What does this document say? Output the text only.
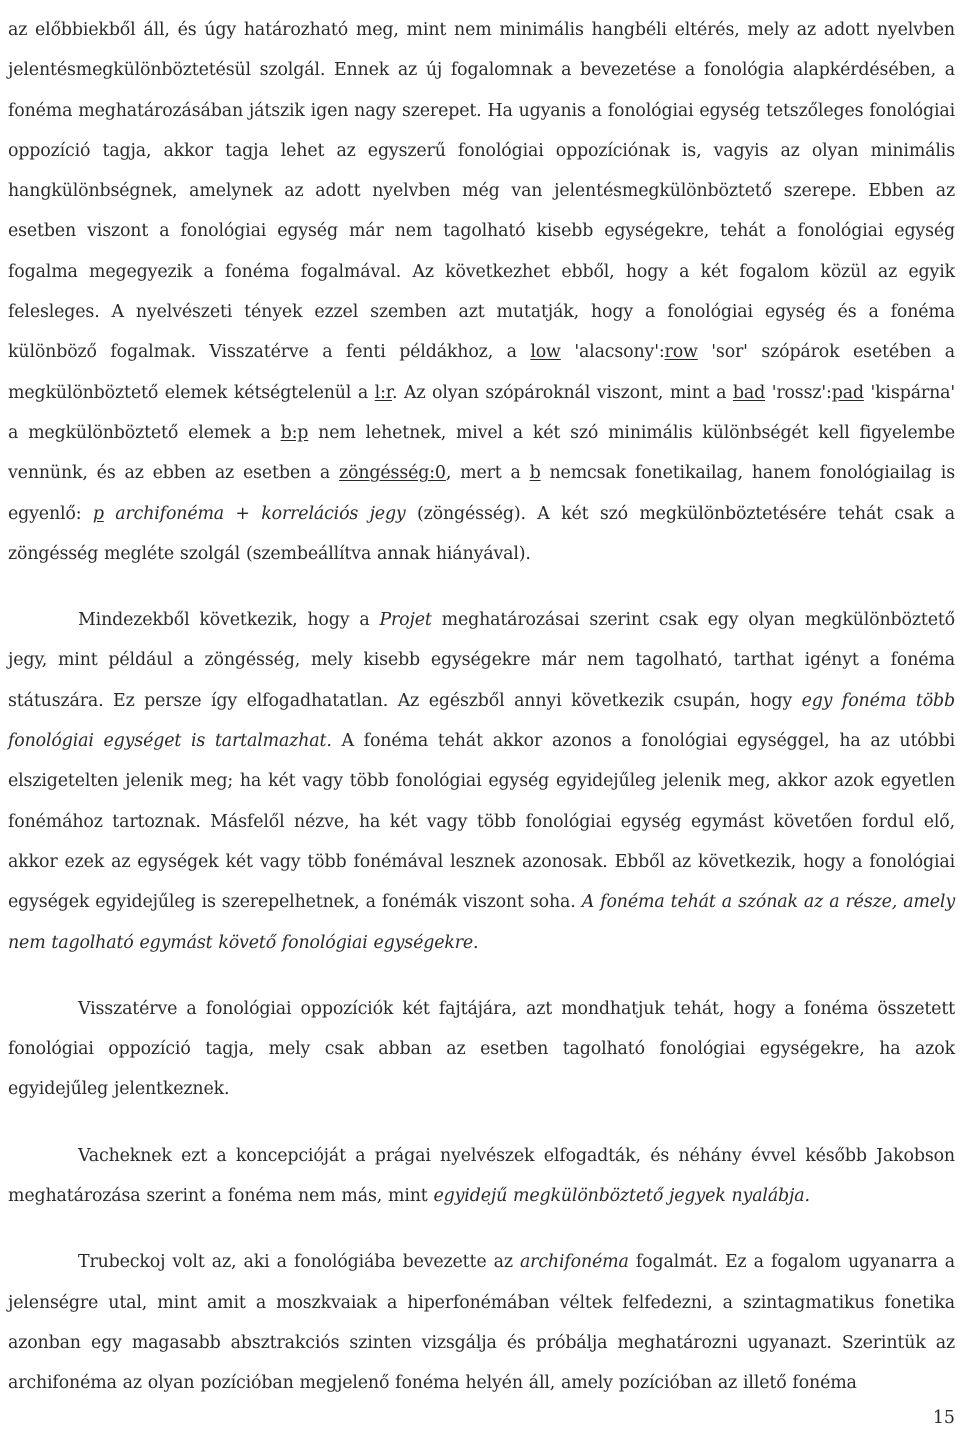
az előbbiekből áll, és úgy határozható meg, mint nem minimális hangbéli eltérés, mely az adott nyelvben jelentésmegkülönböztetésül szolgál. Ennek az új fogalomnak a bevezetése a fonológia alapkérdésében, a fonéma meghatározásában játszik igen nagy szerepet. Ha ugyanis a fonológiai egység tetszőleges fonológiai oppozíció tagja, akkor tagja lehet az egyszerű fonológiai oppozíciónak is, vagyis az olyan minimális hangkülönbségnek, amelynek az adott nyelvben még van jelentésmegkülönböztető szerepe. Ebben az esetben viszont a fonológiai egység már nem tagolható kisebb egységekre, tehát a fonológiai egység fogalma megegyezik a fonéma fogalmával. Az következhet ebből, hogy a két fogalom közül az egyik felesleges. A nyelvészeti tények ezzel szemben azt mutatják, hogy a fonológiai egység és a fonéma különböző fogalmak. Visszatérve a fenti példákhoz, a low 'alacsony':row 'sor' szópárok esetében a megkülönböztető elemek kétségtelenül a l:r. Az olyan szópároknál viszont, mint a bad 'rossz':pad 'kispárna' a megkülönböztető elemek a b:p nem lehetnek, mivel a két szó minimális különbségét kell figyelembe vennünk, és az ebben az esetben a zöngésség:0, mert a b nemcsak fonetikailag, hanem fonológiailag is egyenlő: p archifonéma + korrelációs jegy (zöngésség). A két szó megkülönböztetésére tehát csak a zöngésség megléte szolgál (szembeállítva annak hiányával).

Mindezekből következik, hogy a Projet meghatározásai szerint csak egy olyan megkülönböztető jegy, mint például a zöngésség, mely kisebb egységekre már nem tagolható, tarthat igényt a fonéma státuszára. Ez persze így elfogadhatatlan. Az egészből annyi következik csupán, hogy egy fonéma több fonológiai egységet is tartalmazhat. A fonéma tehát akkor azonos a fonológiai egységgel, ha az utóbbi elszigetelten jelenik meg; ha két vagy több fonológiai egység egyidejűleg jelenik meg, akkor azok egyetlen fonémához tartoznak. Másfelől nézve, ha két vagy több fonológiai egység egymást követően fordul elő, akkor ezek az egységek két vagy több fonémával lesznek azonosak. Ebből az következik, hogy a fonológiai egységek egyidejűleg is szerepelhetnek, a fonémák viszont soha. A fonéma tehát a szónak az a része, amely nem tagolható egymást követő fonológiai egységekre.

Visszatérve a fonológiai oppozíciók két fajtájára, azt mondhatjuk tehát, hogy a fonéma összetett fonológiai oppozíció tagja, mely csak abban az esetben tagolható fonológiai egységekre, ha azok egyidejűleg jelentkeznek.

Vacheknek ezt a koncepcióját a prágai nyelvészek elfogadták, és néhány évvel később Jakobson meghatározása szerint a fonéma nem más, mint egyidejű megkülönböztető jegyek nyalábja.

Trubeckoj volt az, aki a fonológiába bevezette az archifonéma fogalmát. Ez a fogalom ugyanarra a jelenségre utal, mint amit a moszkvaiak a hiperfonémában véltek felfedezni, a szintagmatikus fonetika azonban egy magasabb absztrakciós szinten vizsgálja és próbálja meghatározni ugyanazt. Szerintük az archifonéma az olyan pozícióban megjelenő fonéma helyén áll, amely pozícióban az illető fonéma

15
